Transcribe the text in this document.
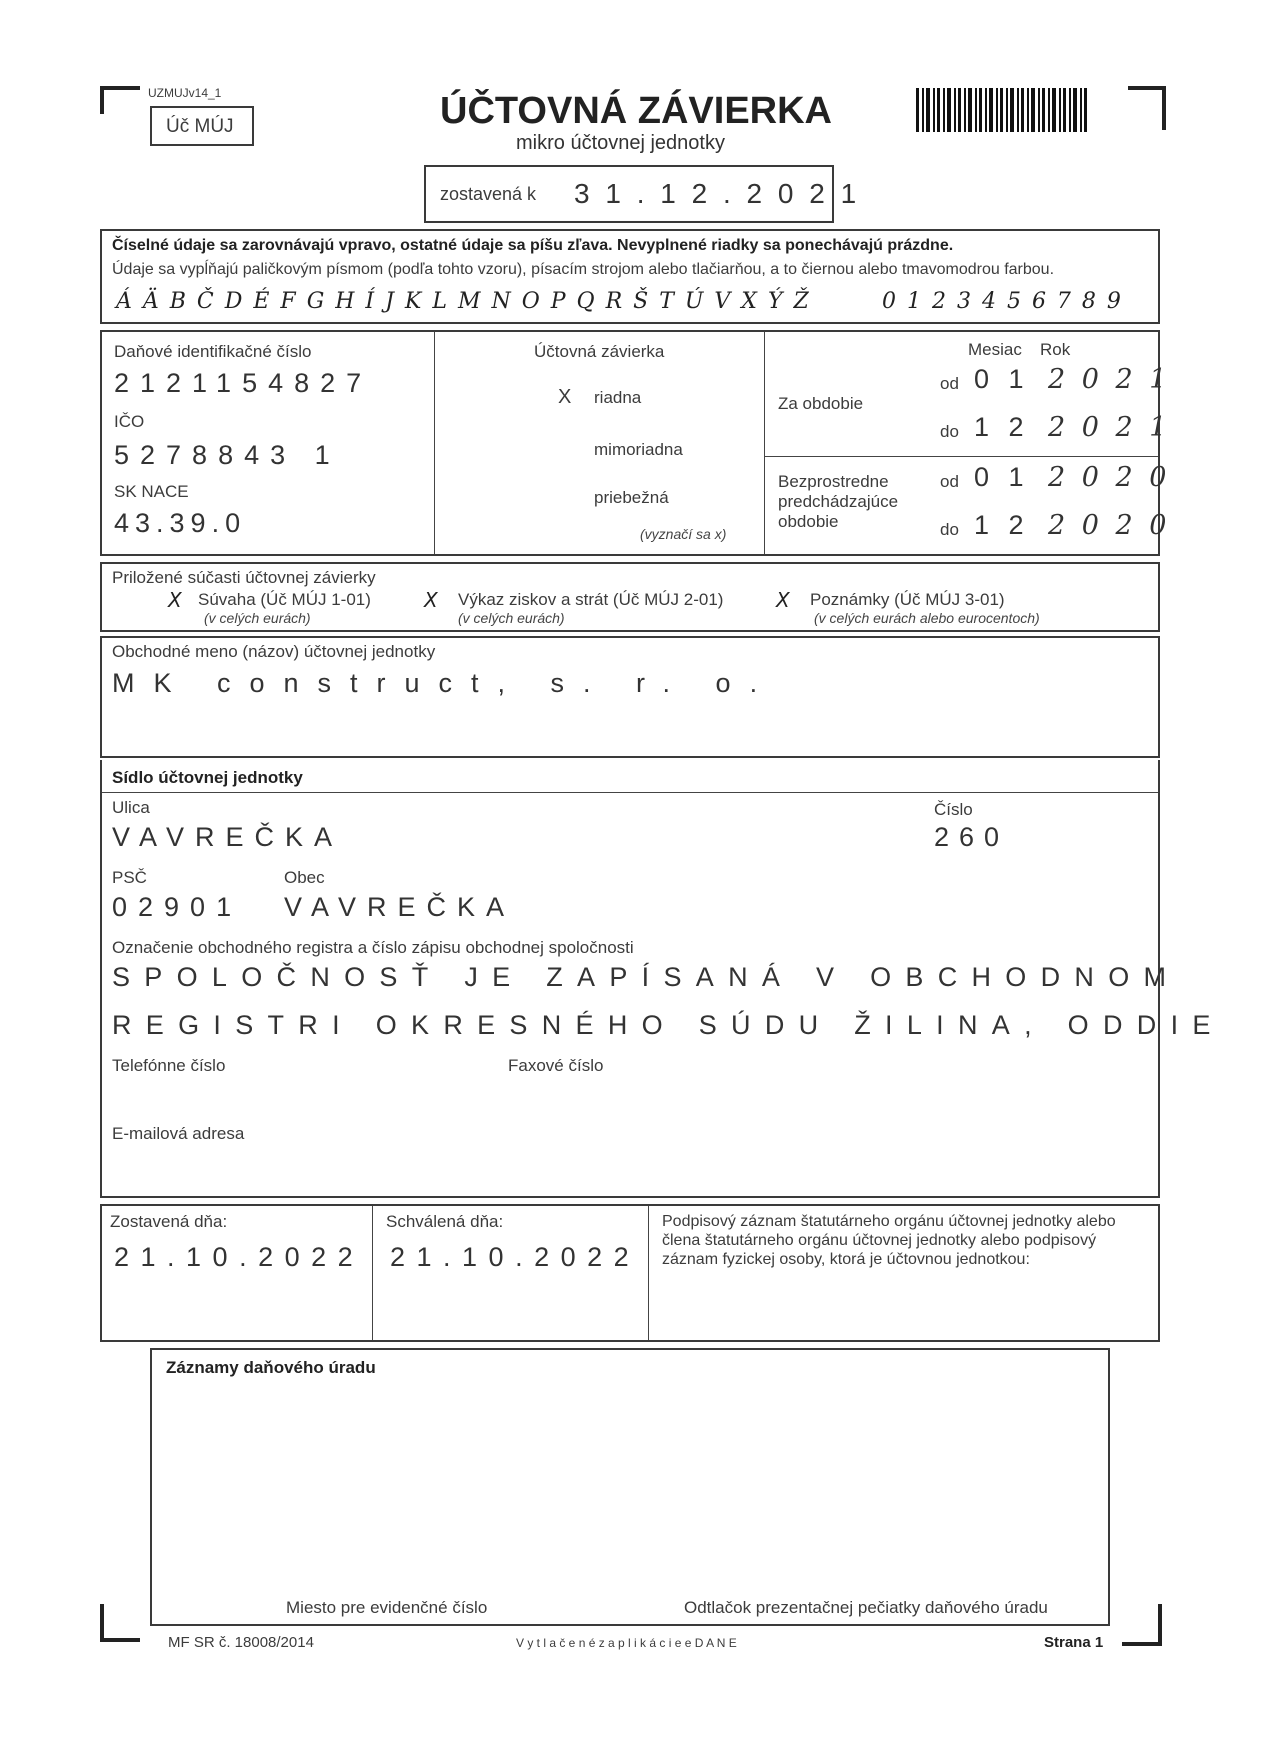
UZMUJv14_1
Úč MÚJ	ÚČTOVNÁ ZÁVIERKA
mikro účtovnej jednotky
zostavená k 3 1 . 1 2 . 2 0 2 1
Číselné údaje sa zarovnávajú vpravo, ostatné údaje sa píšu zľava. Nevyplnené riadky sa ponechávajú prázdne.
Údaje sa vypĺňajú paličkovým písmom (podľa tohto vzoru), písacím strojom alebo tlačiarňou, a to čiernou alebo tmavomodrou farbou.
Á Ä B Č D É F G H Í J K L M N O P Q R Š T Ú V X Ý Ž	0 1 2 3 4 5 6 7 8 9
Daňové identifikačné číslo
2121154827
IČO
5278843 1
SK NACE
43.39.0
Účtovná závierka
X riadna
mimoriadna
priebežná
(vyznačí sa x)
Mesiac Rok
Za obdobie
od 0 1 2 0 2 1
do 1 2 2 0 2 1
Bezprostredne
predchádzajúce
obdobie
od 0 1 2 0 2 0
do 1 2 2 0 2 0
Priložené súčasti účtovnej závierky
X Súvaha (Úč MÚJ 1-01)
(v celých eurách)
X Výkaz ziskov a strát (Úč MÚJ 2-01)
(v celých eurách)
X Poznámky (Úč MÚJ 3-01)
(v celých eurách alebo eurocentoch)
Obchodné meno (názov) účtovnej jednotky
MK construct, s. r. o.
Sídlo účtovnej jednotky
Ulica
VAVREČKA
Číslo
260
PSČ	Obec
02901 VAVREČKA
Označenie obchodného registra a číslo zápisu obchodnej spoločnosti
SPOLOČNOSŤ JE ZAPÍSANÁ V OBCHODNOM
REGISTRI OKRESNÉHO SÚDU ŽILINA, ODDIE
Telefónne číslo	Faxové číslo
E-mailová adresa
Zostavená dňa:
2 1 . 1 0 . 2 0 2 2
Schválená dňa:
2 1 . 1 0 . 2 0 2 2
Podpisový záznam štatutárneho orgánu účtovnej jednotky alebo člena štatutárneho orgánu účtovnej jednotky alebo podpisový záznam fyzickej osoby, ktorá je účtovnou jednotkou:
Záznamy daňového úradu
Miesto pre evidenčné číslo	Odtlačok prezentačnej pečiatky daňového úradu
MF SR č. 18008/2014	V y t l a č e n é z a p l i k á c i e e D A N E	Strana 1
